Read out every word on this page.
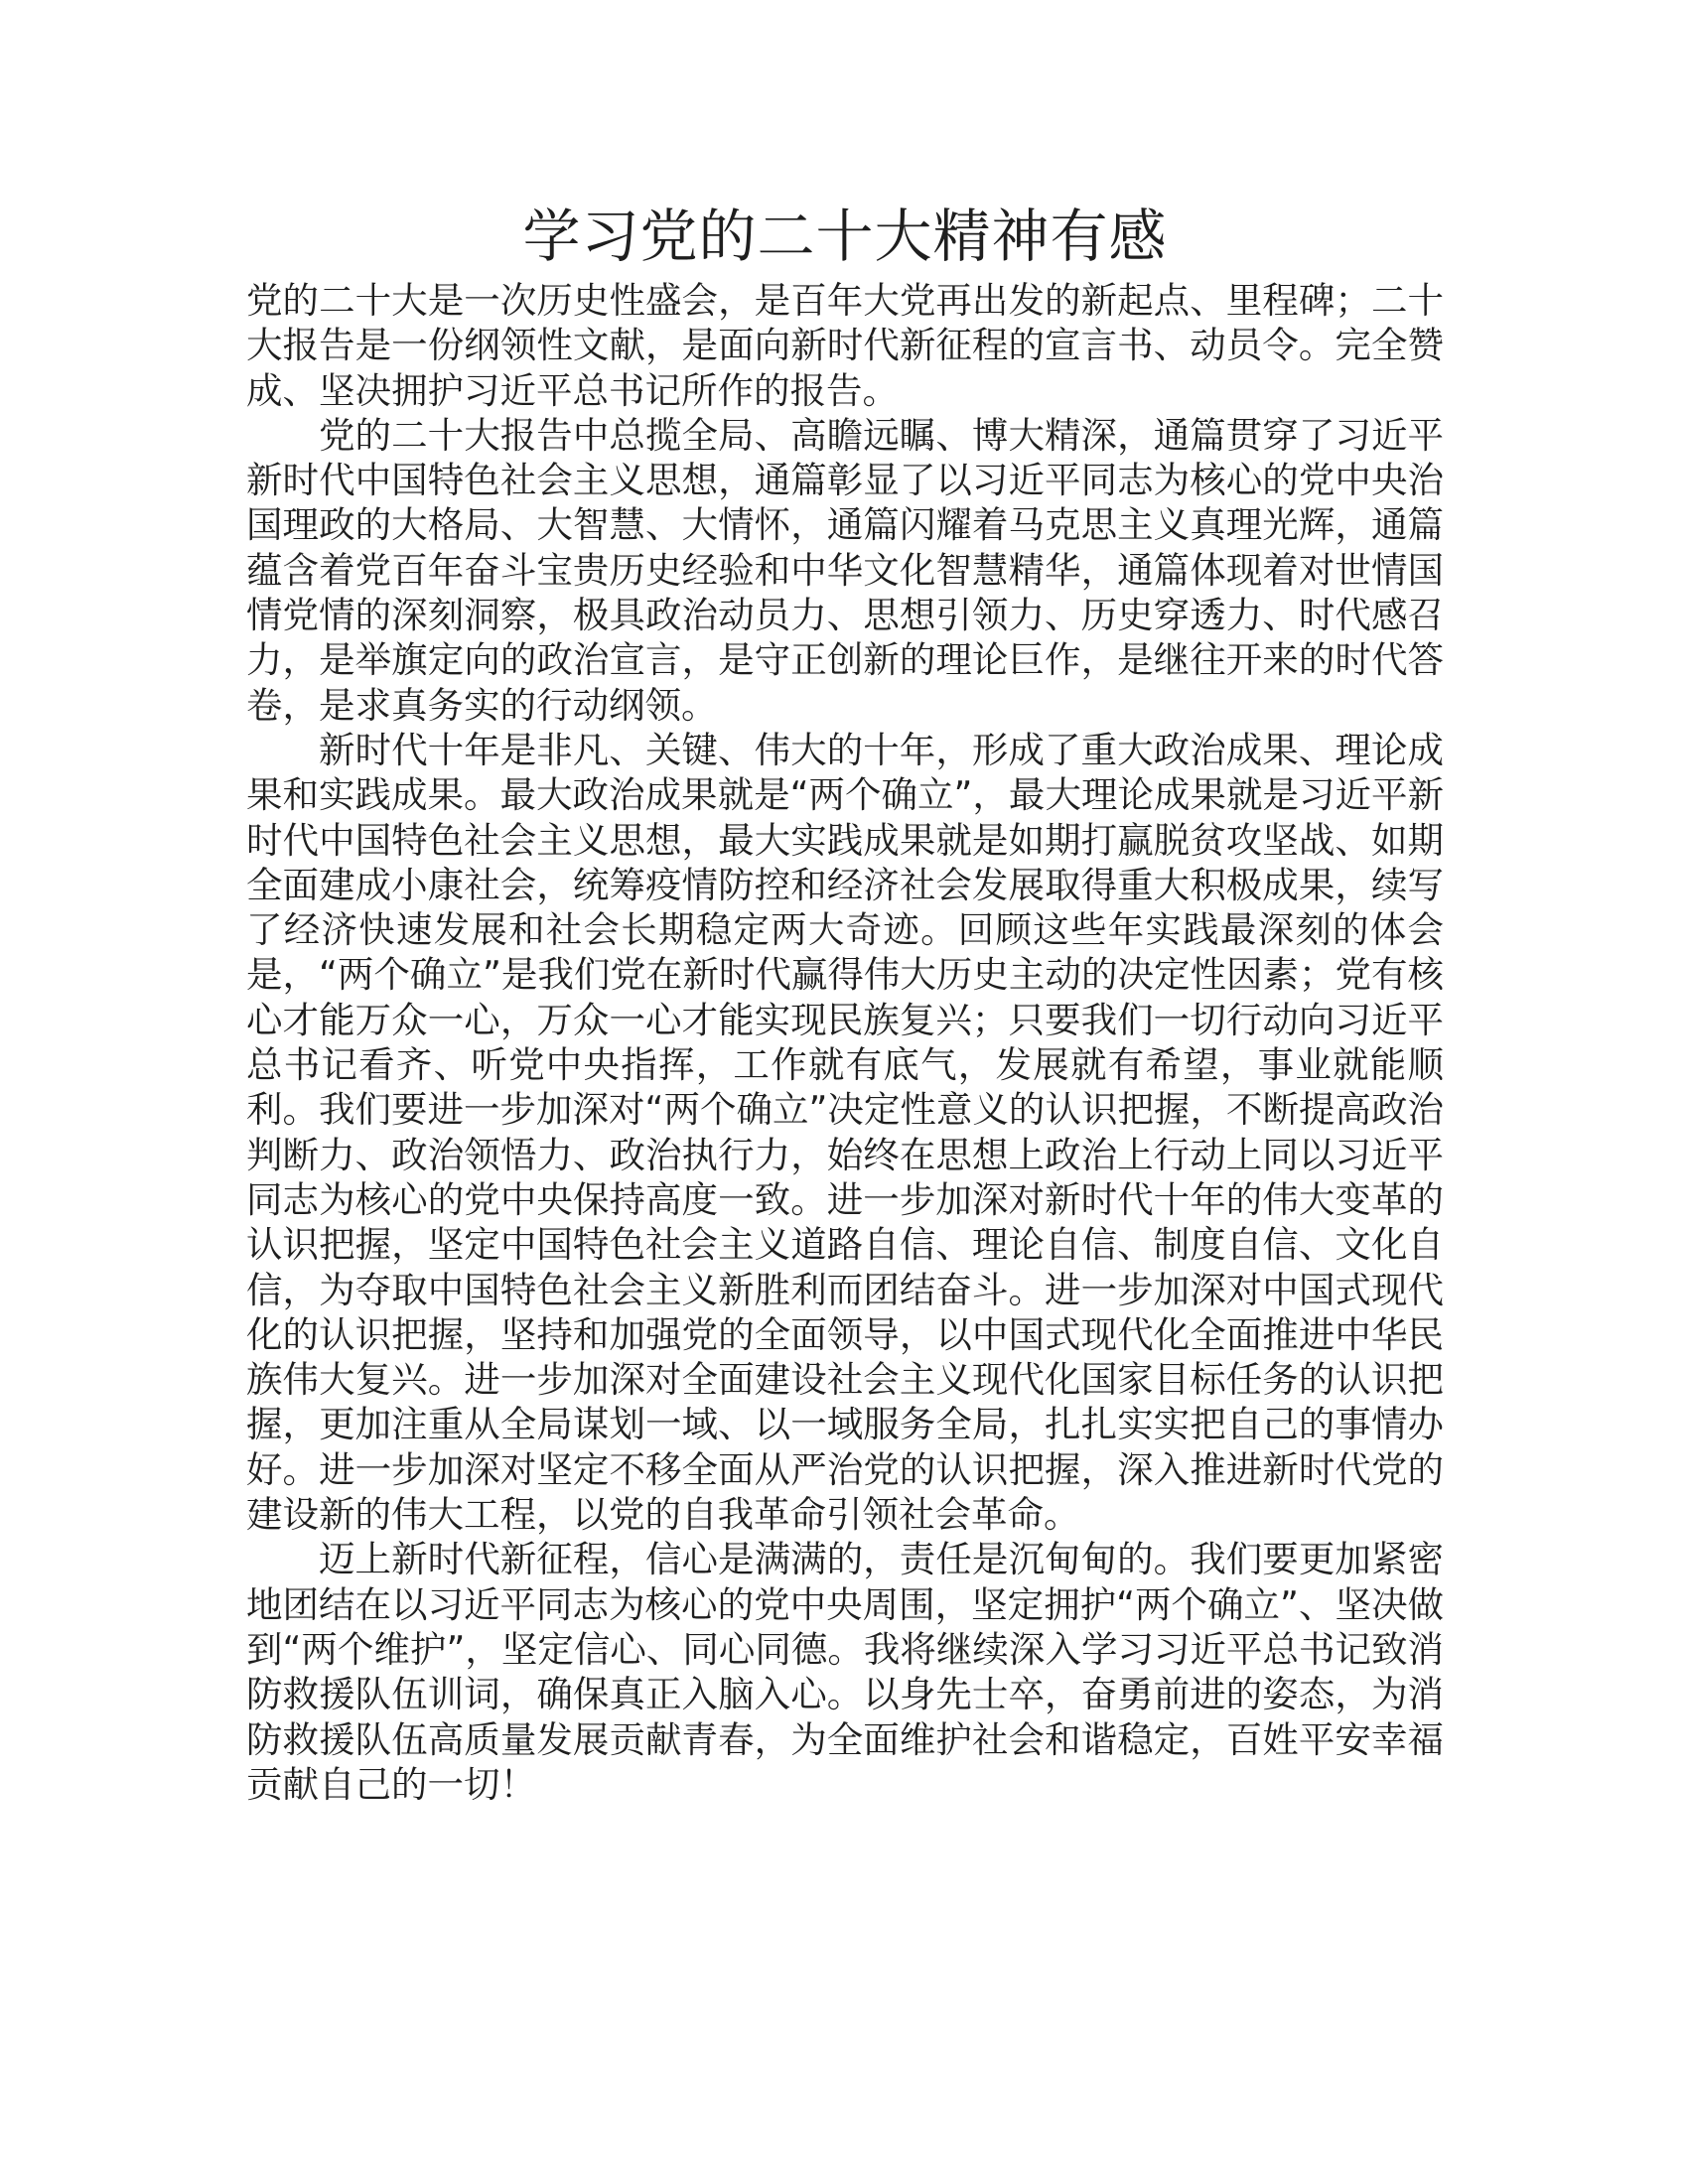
学习党的二十大精神有感

党的二十大是一次历史性盛会，是百年大党再出发的新起点、里程碑；二十大报告是一份纲领性文献，是面向新时代新征程的宣言书、动员令。完全赞成、坚决拥护习近平总书记所作的报告。

党的二十大报告中总揽全局、高瞻远瞩、博大精深，通篇贯穿了习近平新时代中国特色社会主义思想，通篇彰显了以习近平同志为核心的党中央治国理政的大格局、大智慧、大情怀，通篇闪耀着马克思主义真理光辉，通篇蕴含着党百年奋斗宝贵历史经验和中华文化智慧精华，通篇体现着对世情国情党情的深刻洞察，极具政治动员力、思想引领力、历史穿透力、时代感召力，是举旗定向的政治宣言，是守正创新的理论巨作，是继往开来的时代答卷，是求真务实的行动纲领。

新时代十年是非凡、关键、伟大的十年，形成了重大政治成果、理论成果和实践成果。最大政治成果就是“两个确立”，最大理论成果就是习近平新时代中国特色社会主义思想，最大实践成果就是如期打赢脱贫攻坚战、如期全面建成小康社会，统筹疫情防控和经济社会发展取得重大积极成果，续写了经济快速发展和社会长期稳定两大奇迹。回顾这些年实践最深刻的体会是，“两个确立”是我们党在新时代赢得伟大历史主动的决定性因素；党有核心才能万众一心，万众一心才能实现民族复兴；只要我们一切行动向习近平总书记看齐、听党中央指挥，工作就有底气，发展就有希望，事业就能顺利。我们要进一步加深对“两个确立”决定性意义的认识把握，不断提高政治判断力、政治领悟力、政治执行力，始终在思想上政治上行动上同以习近平同志为核心的党中央保持高度一致。进一步加深对新时代十年的伟大变革的认识把握，坚定中国特色社会主义道路自信、理论自信、制度自信、文化自信，为夺取中国特色社会主义新胜利而团结奋斗。进一步加深对中国式现代化的认识把握，坚持和加强党的全面领导，以中国式现代化全面推进中华民族伟大复兴。进一步加深对全面建设社会主义现代化国家目标任务的认识把握，更加注重从全局谋划一域、以一域服务全局，扎扎实实把自己的事情办好。进一步加深对坚定不移全面从严治党的认识把握，深入推进新时代党的建设新的伟大工程，以党的自我革命引领社会革命。

迈上新时代新征程，信心是满满的，责任是沉甸甸的。我们要更加紧密地团结在以习近平同志为核心的党中央周围，坚定拥护“两个确立”、坚决做到“两个维护”，坚定信心、同心同德。我将继续深入学习习近平总书记致消防救援队伍训词，确保真正入脑入心。以身先士卒，奋勇前进的姿态，为消防救援队伍高质量发展贡献青春，为全面维护社会和谐稳定，百姓平安幸福贡献自己的一切！
